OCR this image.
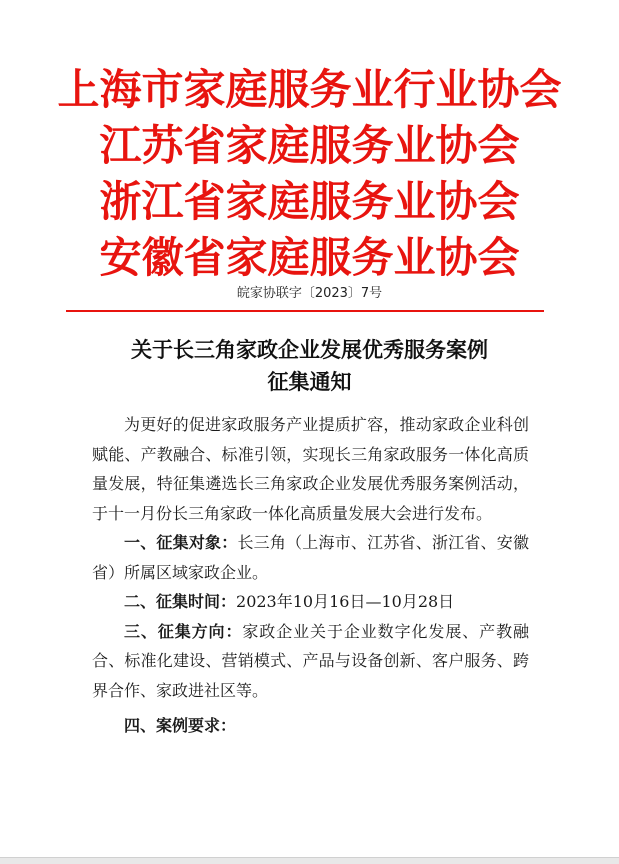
上海市家庭服务业行业协会
江苏省家庭服务业协会
浙江省家庭服务业协会
安徽省家庭服务业协会
皖家协联字〔2023〕7号
关于长三角家政企业发展优秀服务案例
征集通知

为更好的促进家政服务产业提质扩容，推动家政企业科创赋能、产教融合、标准引领，实现长三角家政服务一体化高质量发展，特征集遴选长三角家政企业发展优秀服务案例活动，于十一月份长三角家政一体化高质量发展大会进行发布。

一、征集对象：长三角（上海市、江苏省、浙江省、安徽省）所属区域家政企业。

二、征集时间：2023年10月16日—10月28日

三、征集方向：家政企业关于企业数字化发展、产教融合、标准化建设、营销模式、产品与设备创新、客户服务、跨界合作、家政进社区等。

四、案例要求：
